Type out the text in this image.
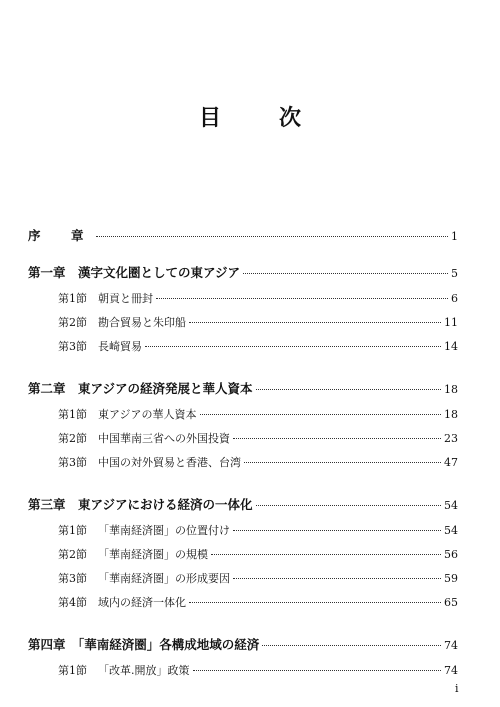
目　次
序　章	1
第一章　漢字文化圏としての東アジア	5
第1節 朝貢と冊封	6
第2節 勘合貿易と朱印船	11
第3節 長崎貿易	14
第二章　東アジアの経済発展と華人資本	18
第1節 東アジアの華人資本	18
第2節 中国華南三省への外国投資	23
第3節 中国の対外貿易と香港、台湾	47
第三章　東アジアにおける経済の一体化	54
第1節 「華南経済圏」の位置付け	54
第2節 「華南経済圏」の規模	56
第3節 「華南経済圏」の形成要因	59
第4節 域内の経済一体化	65
第四章　「華南経済圏」各構成地域の経済	74
第1節 「改革.開放」政策	74
i
